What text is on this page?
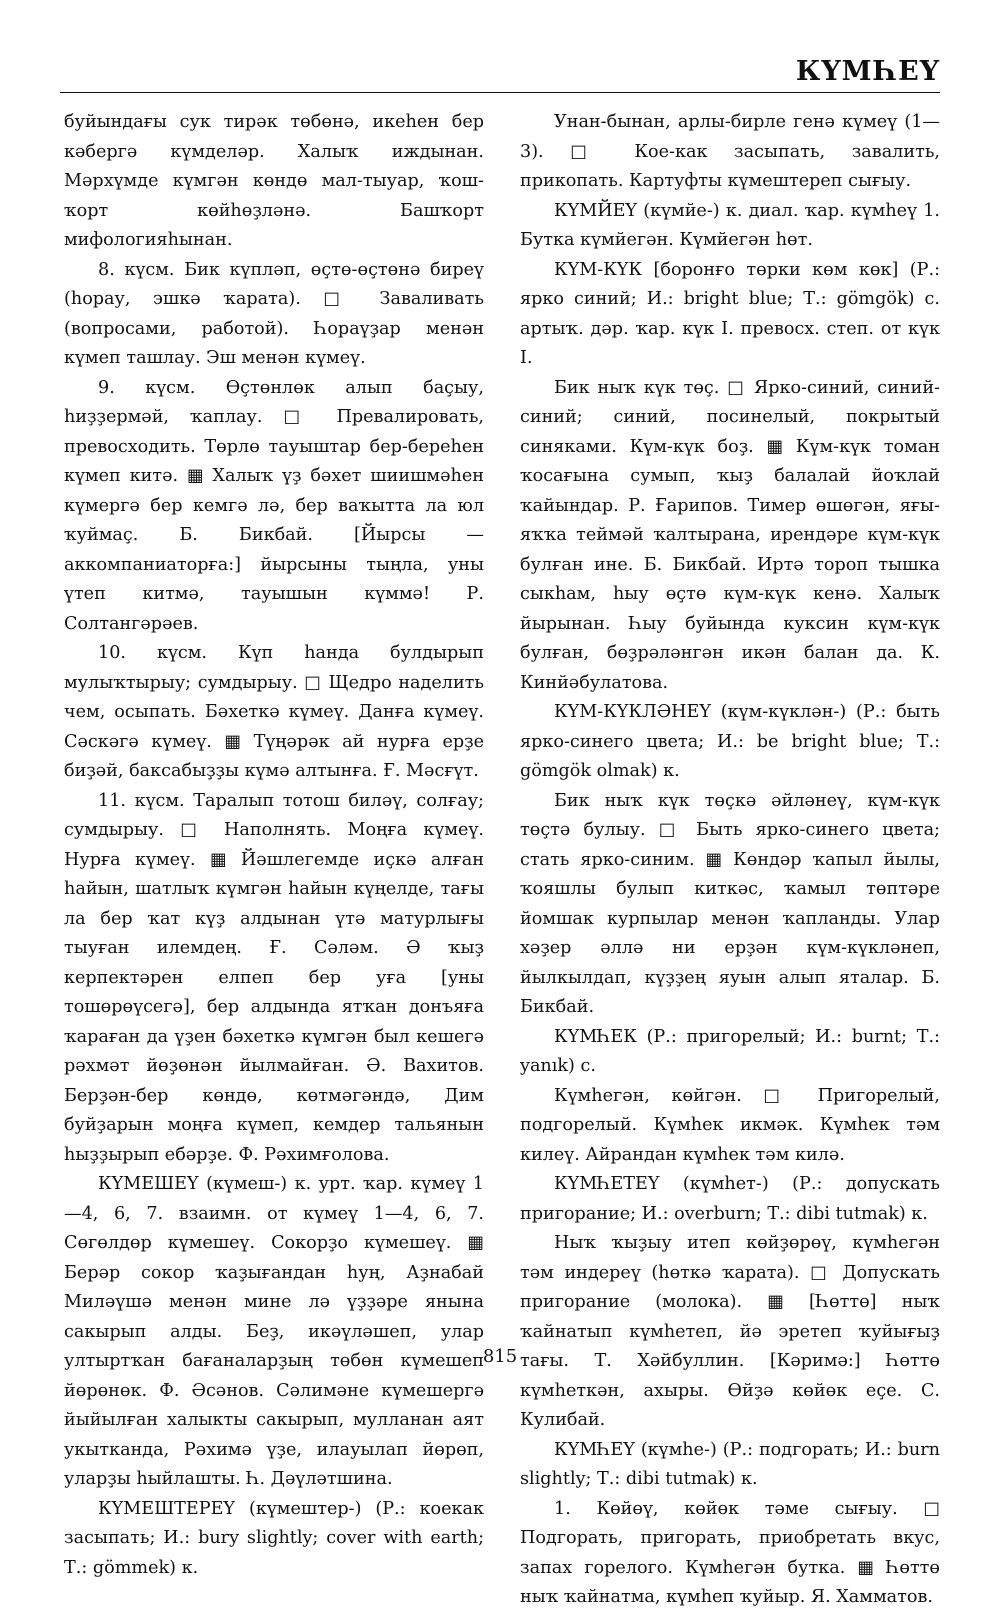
КҮМҺЕҮ

буйындағы сук тирәк төбөнә, икеһен бер кәбергә күмделәр. Халыҡ иждынан. Мәрхүмде күмгән көндө мал-тыуар, ҡош-ҡорт көйһөҙләнә. Башҡорт мифологияһынан.

8. күсм. Бик күпләп, өҫтө-өҫтөнә биреү (һорау, эшкә ҡарата). □ Заваливать (вопросами, работой). Һораүҙар менән күмеп ташлау. Эш менән күмеү.

9. күсм. Өҫтөнлөк алып баҫыу, һиҙҙермәй, ҡаплау. □ Превалировать, превосходить. Төрлө тауыштар бер-береһен күмеп китә. ▦ Халыҡ үҙ бәхет шиишмәһен күмергә бер кемгә лә, бер ваҡытта ла юл ҡуймаҫ. Б. Бикбай. [Йырсы — аккомпаниаторға:] йырсыны тыңла, уны үтеп китмә, тауышын күммә! Р. Солтангәрәев.

10. күсм. Күп һанда булдырып мулыҡтырыу; сумдырыу. □ Щедро наделить чем, осыпать. Бәхеткә күмеү. Данға күмеү. Сәскәгә күмеү. ▦ Түңәрәк ай нурға ерҙе биҙәй, баксабыҙҙы күмә алтынға. Ғ. Мәсғүт.

11. күсм. Таралып тотош биләү, солғау; сумдырыу. □ Наполнять. Моңға күмеү. Нурға күмеү. ▦ Йәшлегемде иҫкә алған һайын, шатлыҡ күмгән һайын күңелде, тағы ла бер ҡат күҙ алдынан үтә матурлығы тыуған илемдең. Ғ. Сәләм. Ә ҡыҙ керпектәрен елпеп бер уға [уны тошөрөүсегә], бер алдында ятҡан донъяға ҡараған да үҙен бәхеткә күмгән был кешегә рәхмәт йөҙөнән йылмайған. Ә. Вахитов. Берҙән-бер көндө, көтмәгәндә, Дим буйҙарын моңға күмеп, кемдер тальянын һыҙҙырып ебәрҙе. Ф. Рәхимғолова.

КҮМЕШЕҮ (күмеш-) к. урт. ҡар. күмеү 1—4, 6, 7. взаимн. от күмеү 1—4, 6, 7. Сөгөлдөр күмешеү. Сокорҙо күмешеү. ▦ Берәр сокор ҡаҙығандан һуң, Аҙнабай Миләүшә менән мине лә үҙҙәре янына сакырып алды. Беҙ, икәүләшеп, улар ултыртҡан бағаналарҙың төбөн күмешеп йөрөнөк. Ф. Әсәнов. Сәлимәне күмешергә йыйылған халыкты сакырып, мулланан аят укытканда, Рәхимә үҙе, илауылап йөрөп, уларҙы һыйлашты. Һ. Дәүләтшина.

КҮМЕШТЕРЕҮ (күмештер-) (Р.: коекак засыпать; И.: bury slightly; cover with earth; Т.: gömmek) к.

Унан-бынан, арлы-бирле генә күмеү (1—3). □ Кое-как засыпать, завалить, прикопать. Картуфты күмештереп сығыу.

КҮМЙЕҮ (күмйе-) к. диал. ҡар. күмһеү 1. Бутка күмйегән. Күмйегән һөт.

КҮМ-КҮК [боронғо төрки көм көк] (Р.: ярко синий; И.: bright blue; Т.: gömgök) с. артыҡ. дәр. ҡар. күк I. превосх. степ. от күк I.

Бик ныҡ күк төҫ. □ Ярко-синий, синий-синий; синий, посинелый, покрытый синяками. Күм-күк боҙ. ▦ Күм-күк томан ҡосағына сумып, ҡыҙ балалай йоҡлай ҡайындар. Р. Ғарипов. Тимер өшөгән, яғы-яҡҡа теймәй ҡалтырана, ирендәре күм-күк булған ине. Б. Бикбай. Иртә тороп тышка сыкһам, һыу өҫтө күм-күк кенә. Халыҡ йырынан. Һыу буйында куксин күм-күк булған, бөҙрәләнгән икән балан да. К. Кинйәбулатова.

КҮМ-КҮКЛӘНЕҮ (күм-күклән-) (Р.: быть ярко-синего цвета; И.: be bright blue; Т.: gömgök olmak) к.

Бик ныҡ күк төҫкә әйләнеү, күм-күк төҫтә булыу. □ Быть ярко-синего цвета; стать ярко-синим. ▦ Көндәр ҡапыл йылы, ҡояшлы булып киткәс, ҡамыл төптәре йомшак курпылар менән ҡапланды. Улар хәҙер әллә ни ерҙән күм-күкләнеп, йылкылдап, күҙҙең яуын алып яталар. Б. Бикбай.

КҮМҺЕК (Р.: пригорелый; И.: burnt; Т.: yanık) с.

Күмһегән, көйгән. □ Пригорелый, подгорелый. Күмһек икмәк. Күмһек тәм килеү. Айрандан күмһек тәм килә.

КҮМҺЕТЕҮ (күмһет-) (Р.: допускать пригорание; И.: overburn; Т.: dibi tutmak) к.

Ныҡ ҡыҙыу итеп көйҙөрөү, күмһегән тәм индереү (һөткә ҡарата). □ Допускать пригорание (молока). ▦ [Һөттө] ныҡ ҡайнатып күмһетеп, йә эретеп ҡуйығыҙ тағы. Т. Хәйбуллин. [Кәримә:] Һөттө күмһеткән, ахыры. Өйҙә көйөк еҫе. С. Кулибай.

КҮМҺЕҮ (күмһе-) (Р.: подгорать; И.: burn slightly; Т.: dibi tutmak) к.

1. Көйөү, көйөк тәме сығыу. □ Подгорать, пригорать, приобретать вкус, запах горелого. Күмһегән бутка. ▦ Һөттө ныҡ ҡайнатма, күмһеп ҡуйыр. Я. Хамматов.

815
